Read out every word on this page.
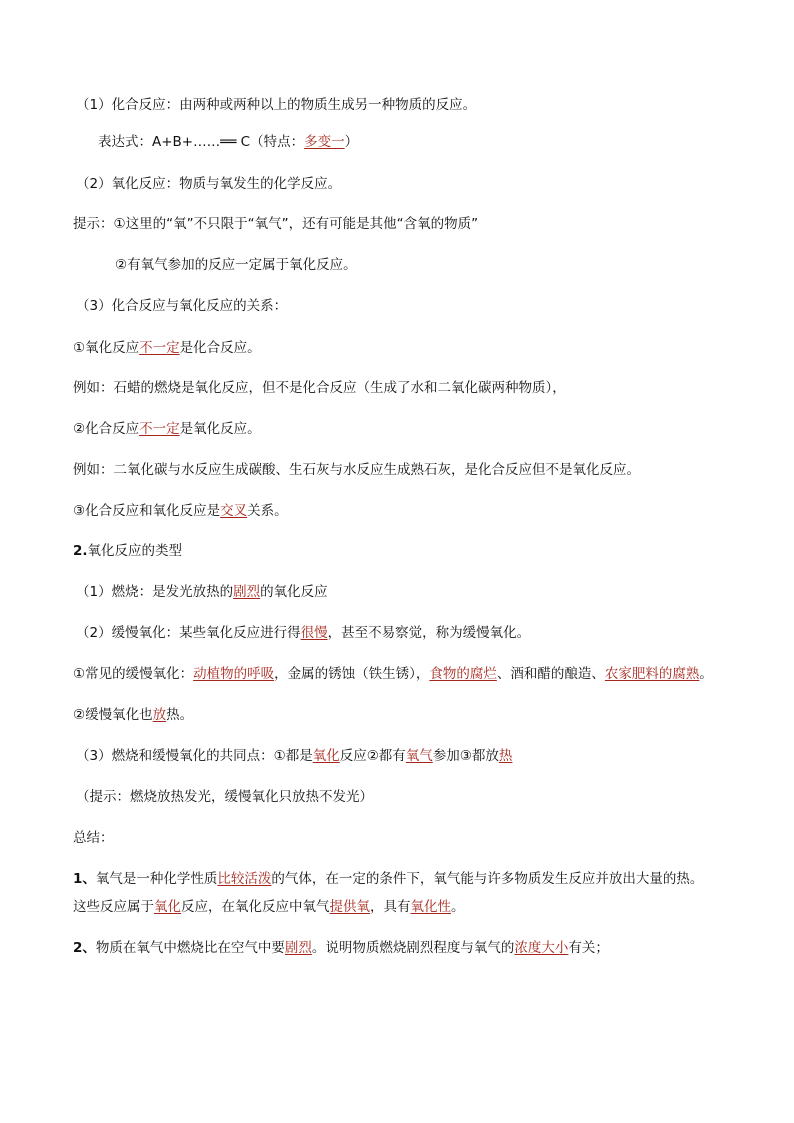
（1）化合反应：由两种或两种以上的物质生成另一种物质的反应。
表达式：A+B+……══ C（特点：多变一）
（2）氧化反应：物质与氧发生的化学反应。
提示：①这里的“氧”不只限于“氧气”，还有可能是其他“含氧的物质”
②有氧气参加的反应一定属于氧化反应。
（3）化合反应与氧化反应的关系：
①氧化反应不一定是化合反应。
例如：石蜡的燃烧是氧化反应，但不是化合反应（生成了水和二氧化碳两种物质），
②化合反应不一定是氧化反应。
例如：二氧化碳与水反应生成碳酸、生石灰与水反应生成熟石灰，是化合反应但不是氧化反应。
③化合反应和氧化反应是交叉关系。
2.氧化反应的类型
（1）燃烧：是发光放热的剧烈的氧化反应
（2）缓慢氧化：某些氧化反应进行得很慢，甚至不易察觉，称为缓慢氧化。
①常见的缓慢氧化：动植物的呼吸，金属的锈蚀（铁生锈），食物的腐烂、酒和醋的酿造、农家肥料的腐熟。
②缓慢氧化也放热。
（3）燃烧和缓慢氧化的共同点：①都是氧化反应②都有氧气参加③都放热
（提示：燃烧放热发光，缓慢氧化只放热不发光）
总结：
1、氧气是一种化学性质比较活泼的气体，在一定的条件下，氧气能与许多物质发生反应并放出大量的热。
这些反应属于氧化反应，在氧化反应中氧气提供氧，具有氧化性。
2、物质在氧气中燃烧比在空气中要剧烈。说明物质燃烧剧烈程度与氧气的浓度大小有关；
